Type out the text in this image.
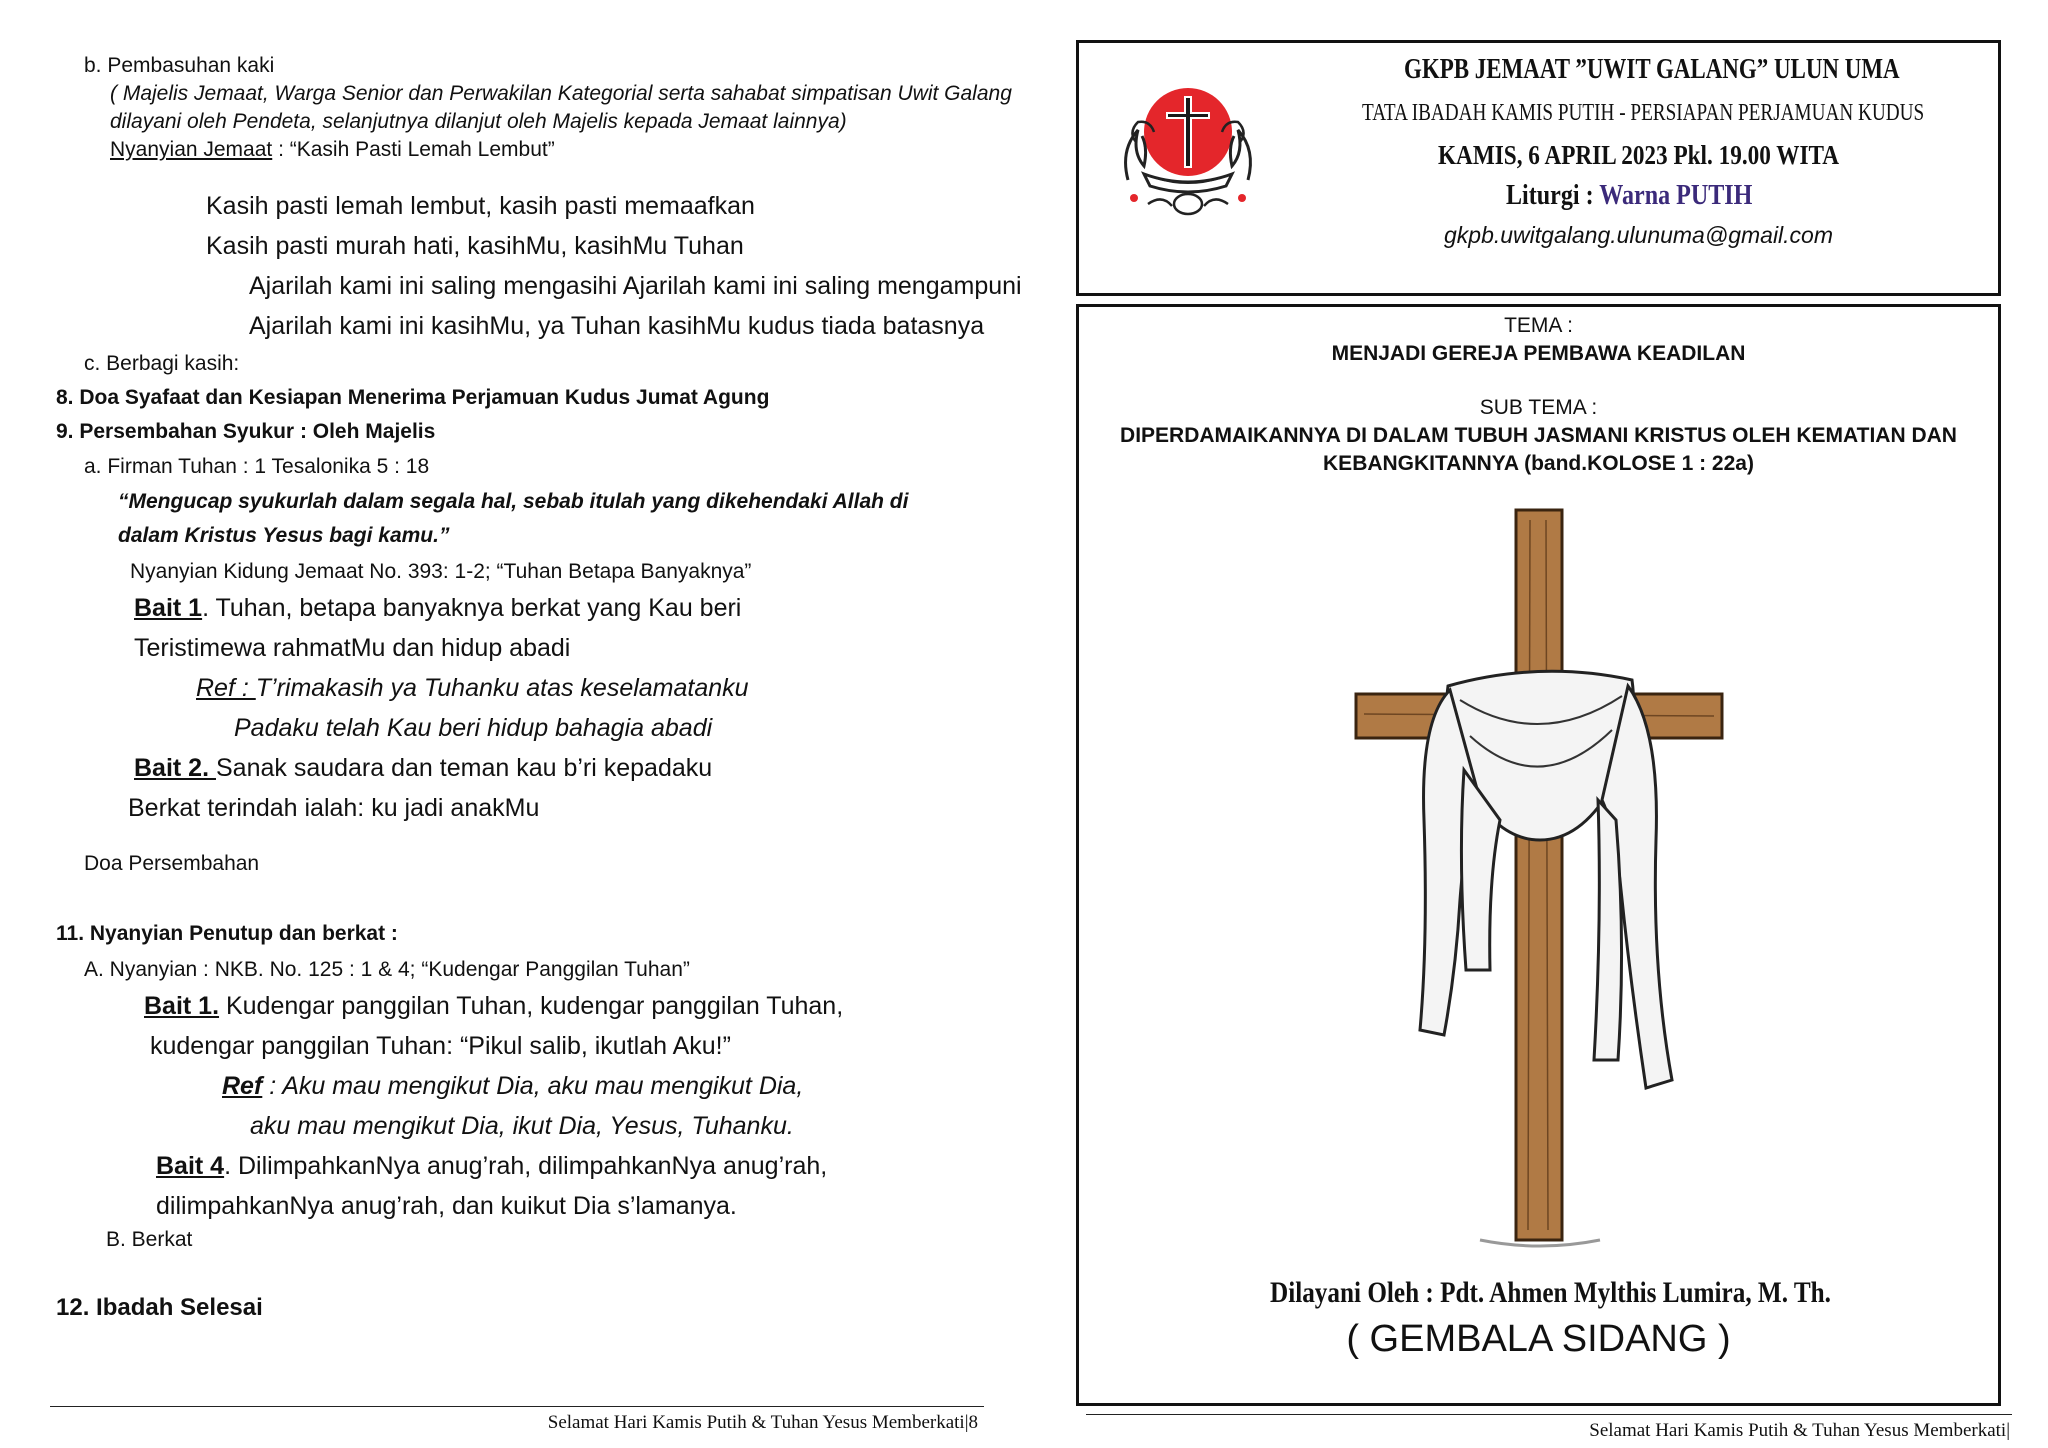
b. Pembasuhan kaki
( Majelis Jemaat, Warga Senior dan Perwakilan Kategorial serta sahabat simpatisan Uwit Galang
dilayani oleh Pendeta, selanjutnya dilanjut oleh Majelis kepada Jemaat lainnya)
Nyanyian Jemaat : “Kasih Pasti Lemah Lembut”
Kasih pasti lemah lembut, kasih pasti memaafkan
Kasih pasti murah hati, kasihMu, kasihMu Tuhan
Ajarilah kami ini saling mengasihi Ajarilah kami ini saling mengampuni
Ajarilah kami ini kasihMu, ya Tuhan kasihMu kudus tiada batasnya
c. Berbagi kasih:
8. Doa Syafaat dan Kesiapan Menerima Perjamuan Kudus Jumat Agung
9. Persembahan Syukur : Oleh Majelis
a. Firman Tuhan : 1 Tesalonika 5 : 18
“Mengucap syukurlah dalam segala hal, sebab itulah yang dikehendaki Allah di
dalam Kristus Yesus bagi kamu.”
Nyanyian Kidung Jemaat No. 393: 1-2; “Tuhan Betapa Banyaknya”
Bait 1. Tuhan, betapa banyaknya berkat yang Kau beri
Teristimewa rahmatMu dan hidup abadi
Ref : T’rimakasih ya Tuhanku atas keselamatanku
Padaku telah Kau beri hidup bahagia abadi
Bait 2. Sanak saudara dan teman kau b’ri kepadaku
Berkat terindah ialah: ku jadi anakMu
Doa Persembahan
11. Nyanyian Penutup dan berkat :
A. Nyanyian : NKB. No. 125 : 1 & 4; “Kudengar Panggilan Tuhan”
Bait 1. Kudengar panggilan Tuhan, kudengar panggilan Tuhan,
kudengar panggilan Tuhan: “Pikul salib, ikutlah Aku!”
Ref : Aku mau mengikut Dia, aku mau mengikut Dia,
aku mau mengikut Dia, ikut Dia, Yesus, Tuhanku.
Bait 4. DilimpahkanNya anug’rah, dilimpahkanNya anug’rah,
dilimpahkanNya anug’rah, dan kuikut Dia s’lamanya.
B. Berkat
12. Ibadah Selesai
Selamat Hari Kamis Putih & Tuhan Yesus Memberkati|8
GKPB JEMAAT ”UWIT GALANG” ULUN UMA
TATA IBADAH KAMIS PUTIH - PERSIAPAN PERJAMUAN KUDUS
KAMIS, 6 APRIL 2023 Pkl. 19.00 WITA
Liturgi : Warna PUTIH
gkpb.uwitgalang.ulunuma@gmail.com
TEMA :
MENJADI GEREJA PEMBAWA KEADILAN
SUB TEMA :
DIPERDAMAIKANNYA DI DALAM TUBUH JASMANI KRISTUS OLEH KEMATIAN DAN
KEBANGKITANNYA (band.KOLOSE 1 : 22a)
Dilayani Oleh : Pdt. Ahmen Mylthis Lumira, M. Th.
( GEMBALA SIDANG )
Selamat Hari Kamis Putih & Tuhan Yesus Memberkati|
